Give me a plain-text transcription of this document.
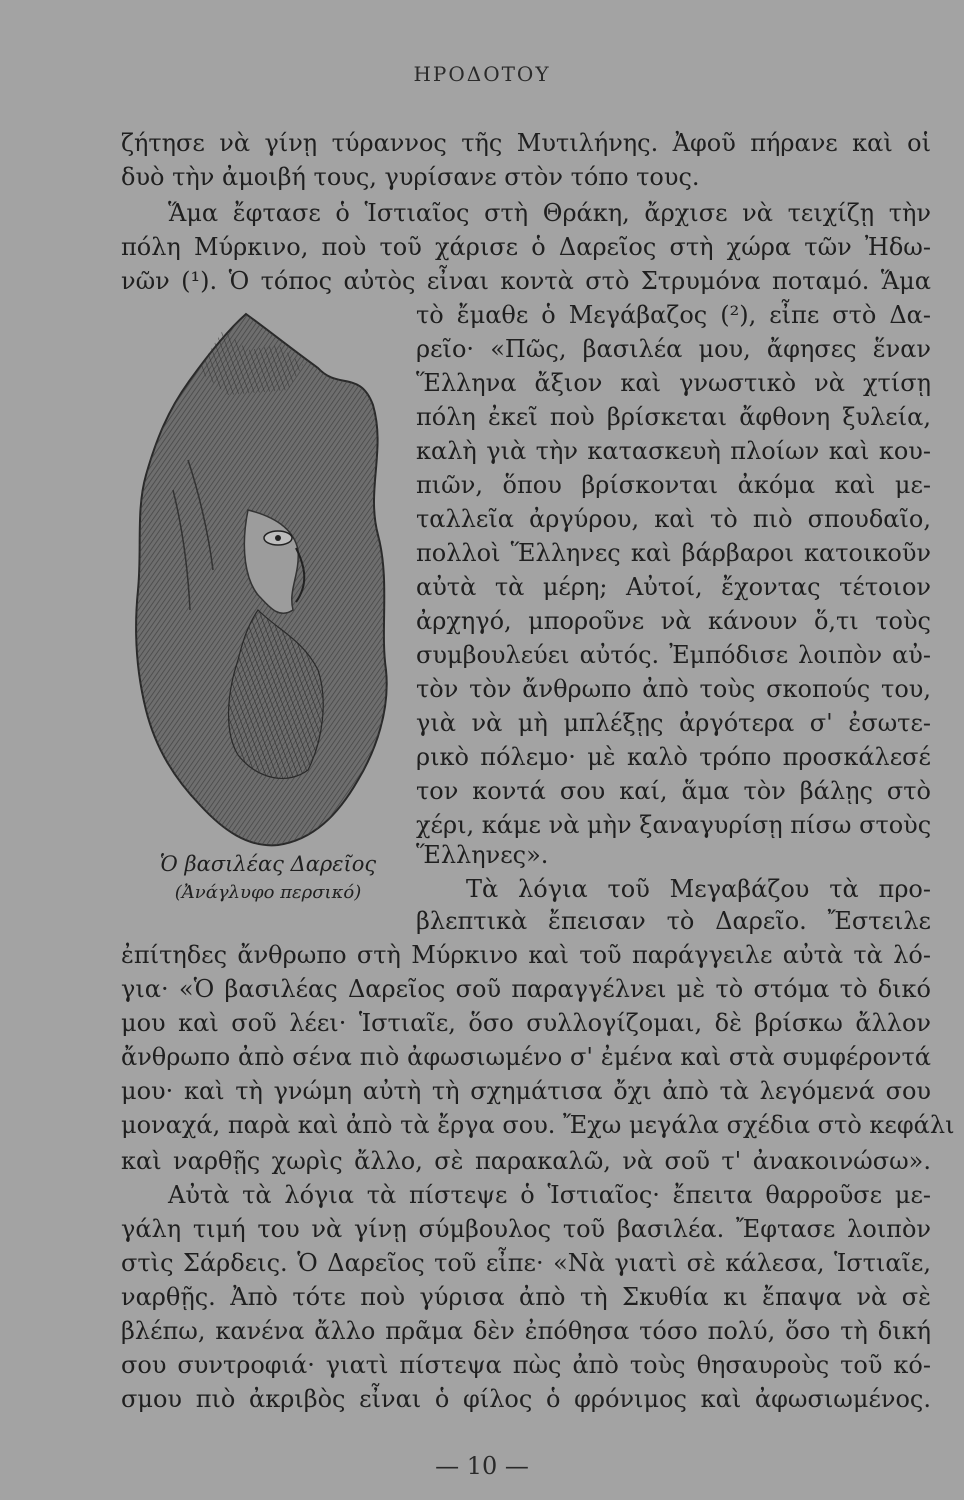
ΗΡΟΔΟΤΟΥ
ζήτησε νὰ γίνῃ τύραννος τῆς Μυτιλήνης. Ἀφοῦ πήρανε καὶ οἱ
δυὸ τὴν ἀμοιβή τους, γυρίσανε στὸν τόπο τους.
Ἅμα ἔφτασε ὁ Ἱστιαῖος στὴ Θράκη, ἄρχισε νὰ τειχίζῃ τὴν
πόλη Μύρκινο, ποὺ τοῦ χάρισε ὁ Δαρεῖος στὴ χώρα τῶν Ἠδω-
νῶν (¹). Ὁ τόπος αὐτὸς εἶναι κοντὰ στὸ Στρυμόνα ποταμό. Ἅμα
τὸ ἔμαθε ὁ Μεγάβαζος (²), εἶπε στὸ Δα-
ρεῖο· «Πῶς, βασιλέα μου, ἄφησες ἕναν
Ἕλληνα ἄξιον καὶ γνωστικὸ νὰ χτίσῃ
πόλη ἐκεῖ ποὺ βρίσκεται ἄφθονη ξυλεία,
καλὴ γιὰ τὴν κατασκευὴ πλοίων καὶ κου-
πιῶν, ὅπου βρίσκονται ἀκόμα καὶ με-
ταλλεῖα ἀργύρου, καὶ τὸ πιὸ σπουδαῖο,
πολλοὶ Ἕλληνες καὶ βάρβαροι κατοικοῦν
αὐτὰ τὰ μέρη; Αὐτοί, ἔχοντας τέτοιον
ἀρχηγό, μποροῦνε νὰ κάνουν ὅ,τι τοὺς
συμβουλεύει αὐτός. Ἐμπόδισε λοιπὸν αὐ-
τὸν τὸν ἄνθρωπο ἀπὸ τοὺς σκοπούς του,
γιὰ νὰ μὴ μπλέξῃς ἀργότερα σ' ἐσωτε-
ρικὸ πόλεμο· μὲ καλὸ τρόπο προσκάλεσέ
τον κοντά σου καί, ἅμα τὸν βάλῃς στὸ
χέρι, κάμε νὰ μὴν ξαναγυρίσῃ πίσω στοὺς
Ἕλληνες».
Τὰ λόγια τοῦ Μεγαβάζου τὰ προ-
βλεπτικὰ ἔπεισαν τὸ Δαρεῖο. Ἔστειλε
Ὁ βασιλέας Δαρεῖος
(Ἀνάγλυφο περσικό)
ἐπίτηδες ἄνθρωπο στὴ Μύρκινο καὶ τοῦ παράγγειλε αὐτὰ τὰ λό-
για· «Ὁ βασιλέας Δαρεῖος σοῦ παραγγέλνει μὲ τὸ στόμα τὸ δικό
μου καὶ σοῦ λέει· Ἱστιαῖε, ὅσο συλλογίζομαι, δὲ βρίσκω ἄλλον
ἄνθρωπο ἀπὸ σένα πιὸ ἀφωσιωμένο σ' ἐμένα καὶ στὰ συμφέροντά
μου· καὶ τὴ γνώμη αὐτὴ τὴ σχημάτισα ὄχι ἀπὸ τὰ λεγόμενά σου
μοναχά, παρὰ καὶ ἀπὸ τὰ ἔργα σου. Ἔχω μεγάλα σχέδια στὸ κεφάλι
καὶ ναρθῇς χωρὶς ἄλλο, σὲ παρακαλῶ, νὰ σοῦ τ' ἀνακοινώσω».
Αὐτὰ τὰ λόγια τὰ πίστεψε ὁ Ἱστιαῖος· ἔπειτα θαρροῦσε με-
γάλη τιμή του νὰ γίνῃ σύμβουλος τοῦ βασιλέα. Ἔφτασε λοιπὸν
στὶς Σάρδεις. Ὁ Δαρεῖος τοῦ εἶπε· «Νὰ γιατὶ σὲ κάλεσα, Ἱστιαῖε,
ναρθῇς. Ἀπὸ τότε ποὺ γύρισα ἀπὸ τὴ Σκυθία κι ἔπαψα νὰ σὲ
βλέπω, κανένα ἄλλο πρᾶμα δὲν ἐπόθησα τόσο πολύ, ὅσο τὴ δική
σου συντροφιά· γιατὶ πίστεψα πὼς ἀπὸ τοὺς θησαυροὺς τοῦ κό-
σμου πιὸ ἀκριβὸς εἶναι ὁ φίλος ὁ φρόνιμος καὶ ἀφωσιωμένος.
— 10 —
